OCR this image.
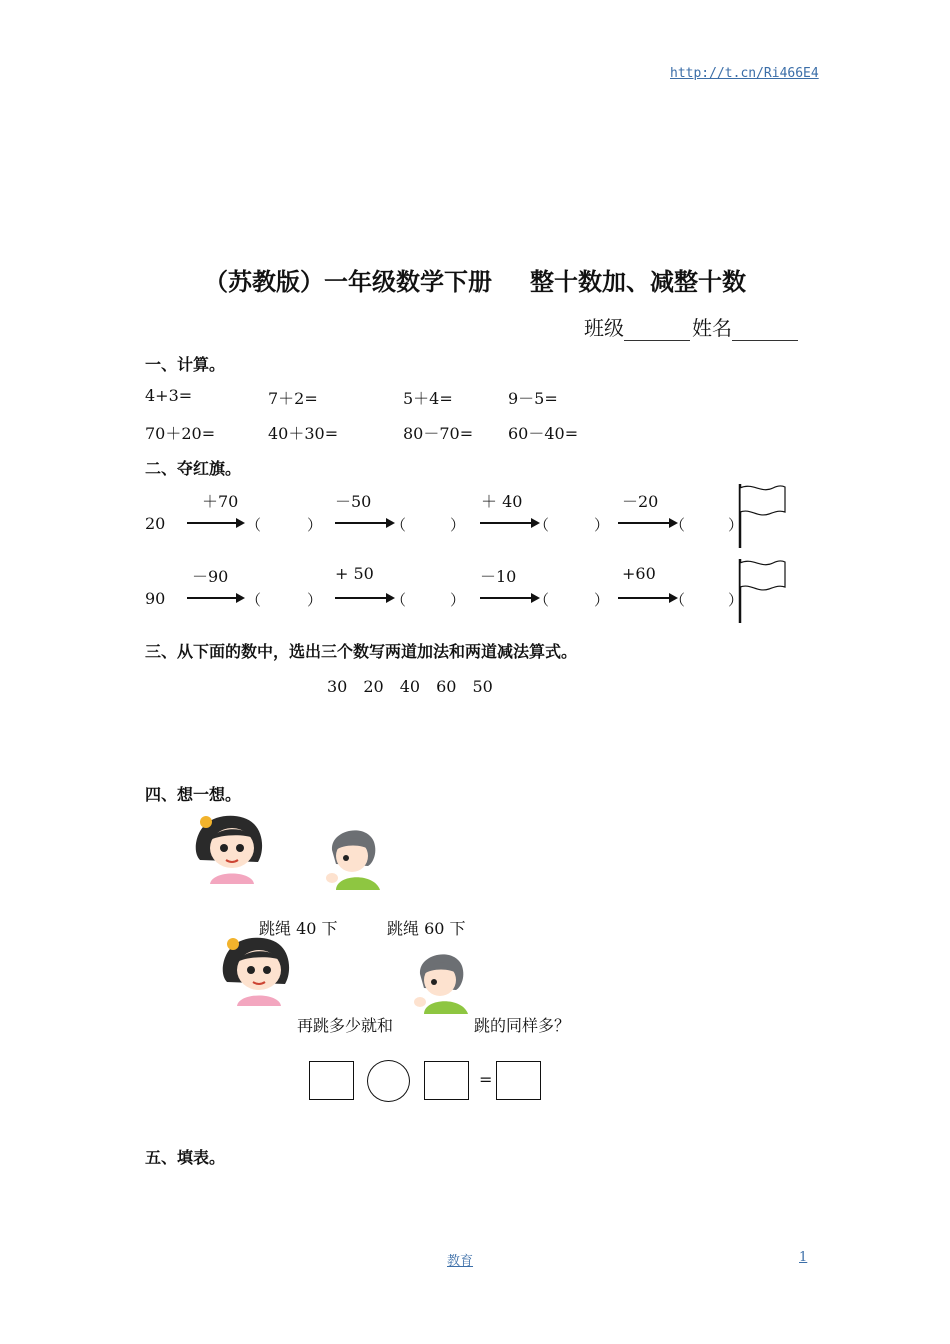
http://t.cn/Ri466E4
（苏教版）一年级数学下册 整十数加、减整十数
班级	姓名
一、计算。
4+3=	7＋2=	5＋4=	9－5=
70＋20=	40＋30=	80－70= 60－40=
二、夺红旗。
20
＋70	－50	＋ 40	－20
（	）	（	）	（	）	（	）
90
－90	+ 50	－10	+60
（	）	（	）	（	）	（	）
三、从下面的数中，选出三个数写两道加法和两道减法算式。
30　20　40　60　50
四、想一想。
跳绳 40 下	跳绳 60 下
再跳多少就和	跳的同样多？
=
五、填表。
教育	1
